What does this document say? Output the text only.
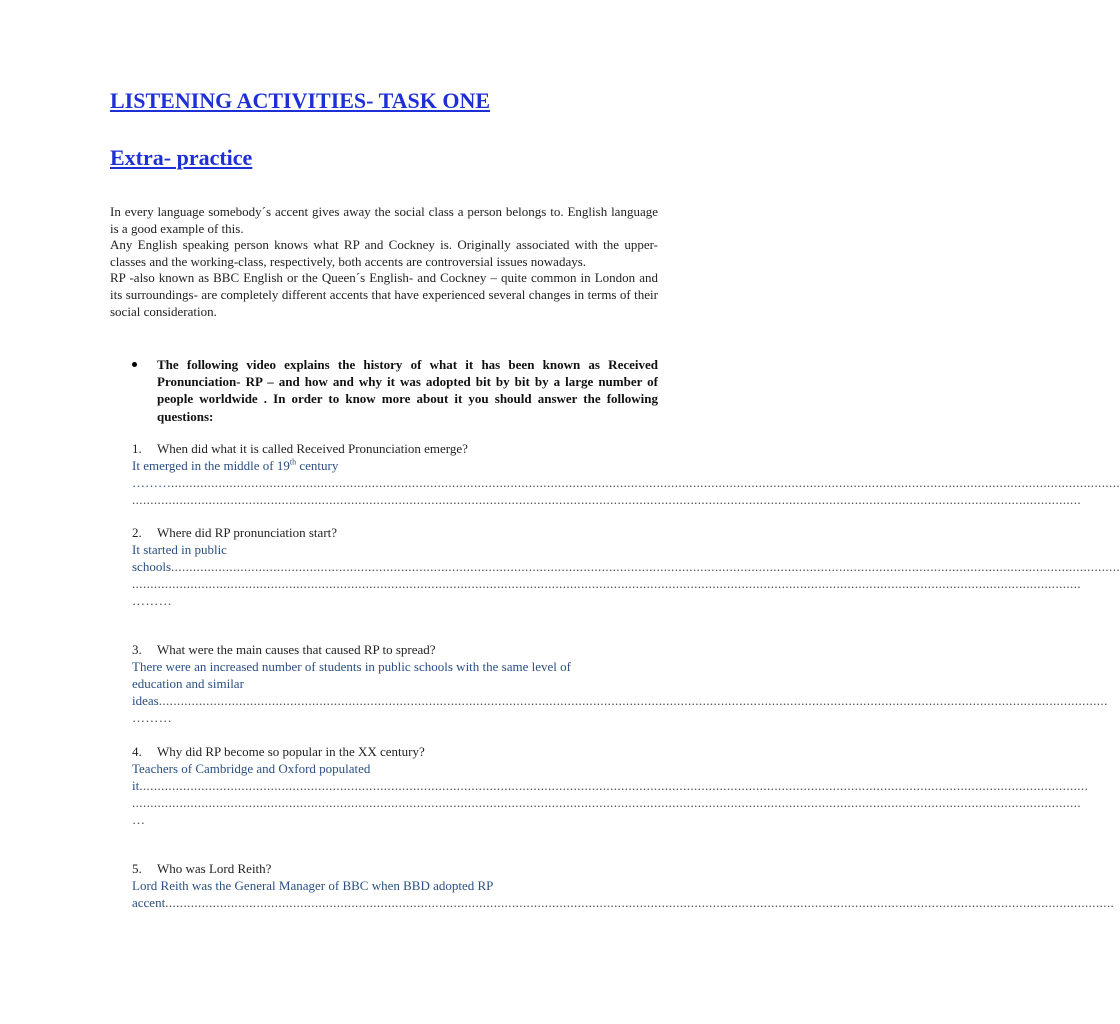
LISTENING ACTIVITIES- TASK ONE
Extra- practice

In every language somebody´s accent gives away the social class a person belongs to. English language is a good example of this.

Any English speaking person knows what RP and Cockney is. Originally associated with the upper-classes and the working-class, respectively, both accents are controversial issues nowadays.

RP -also known as BBC English or the Queen´s English- and Cockney – quite common in London and its surroundings- are completely different accents that have experienced several changes in terms of their social consideration.

The following video explains the history of what it has been known as Received Pronunciation- RP – and how and why it was adopted bit by bit by a large number of people worldwide . In order to know more about it you should answer the following questions:
1.	When did what it is called Received Pronunciation emerge?
It emerged in the middle of 19th century
……… ....................................................................................................................................................................................................................................................................
....................................................................................................................................................................................................................................................................
2.	Where did RP pronunciation start?
It started in public
schools ....................................................................................................................................................................................................................................................................
....................................................................................................................................................................................................................................................................
………
3.	What were the main causes that caused RP to spread?
There were an increased number of students in public schools with the same level of
education and similar
ideas ....................................................................................................................................................................................................................................................................
………
4.	Why did RP become so popular in the XX century?
Teachers of Cambridge and Oxford populated
it ....................................................................................................................................................................................................................................................................
....................................................................................................................................................................................................................................................................
…
5.	Who was Lord Reith?
Lord Reith was the General Manager of BBC when BBD adopted RP
accent ....................................................................................................................................................................................................................................................................
